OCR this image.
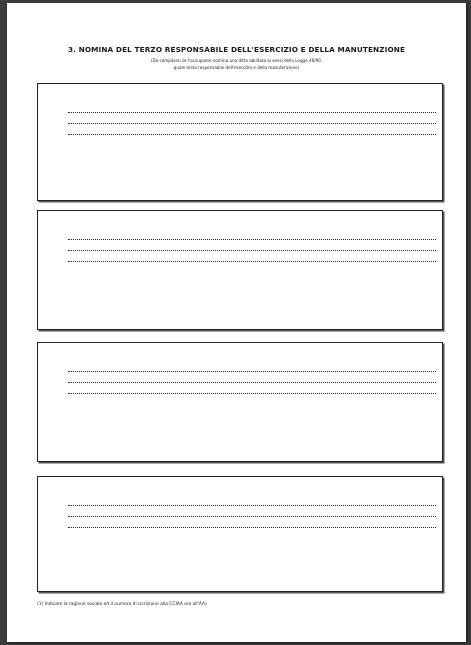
3. NOMINA DEL TERZO RESPONSABILE DELL'ESERCIZIO E DELLA MANUTENZIONE
(Da compilarsi se l'occupante nomina una ditta abilitata ai sensi della Legge 46/90,
quale terzo responsabile dell'esercizio e della manutenzione)
(1) Indicare la ragione sociale ed il numero di iscrizione alla CCIAA e/o all'AA)
